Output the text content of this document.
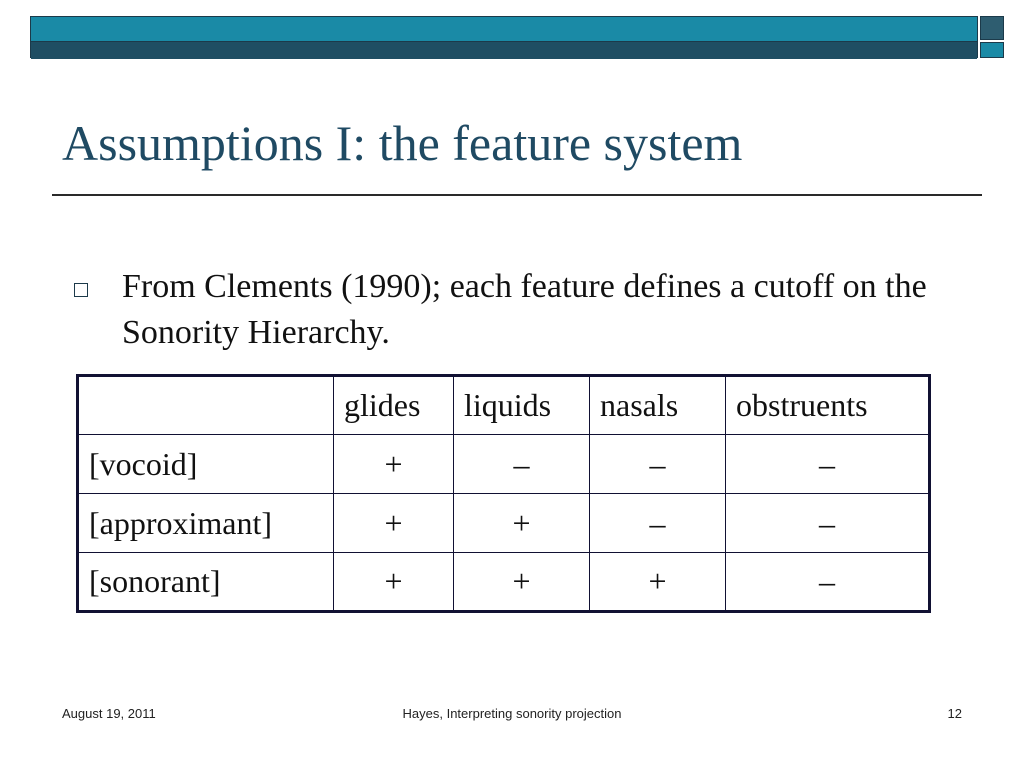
Assumptions I: the feature system
From Clements (1990); each feature defines a cutoff on the Sonority Hierarchy.
	glides	liquids	nasals	obstruents
[vocoid]	+	–	–	–
[approximant]	+	+	–	–
[sonorant]	+	+	+	–
August 19, 2011	Hayes, Interpreting sonority projection	12
